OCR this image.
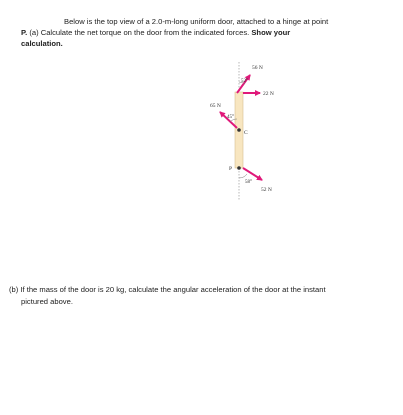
Below is the top view of a 2.0-m-long uniform door, attached to a hinge at point
P. (a) Calculate the net torque on the door from the indicated forces. Show your
calculation.
56 N
52°
22 N
65 N
45°
C
P
58°
52 N
(b) If the mass of the door is 20 kg, calculate the angular acceleration of the door at the instant
pictured above.
